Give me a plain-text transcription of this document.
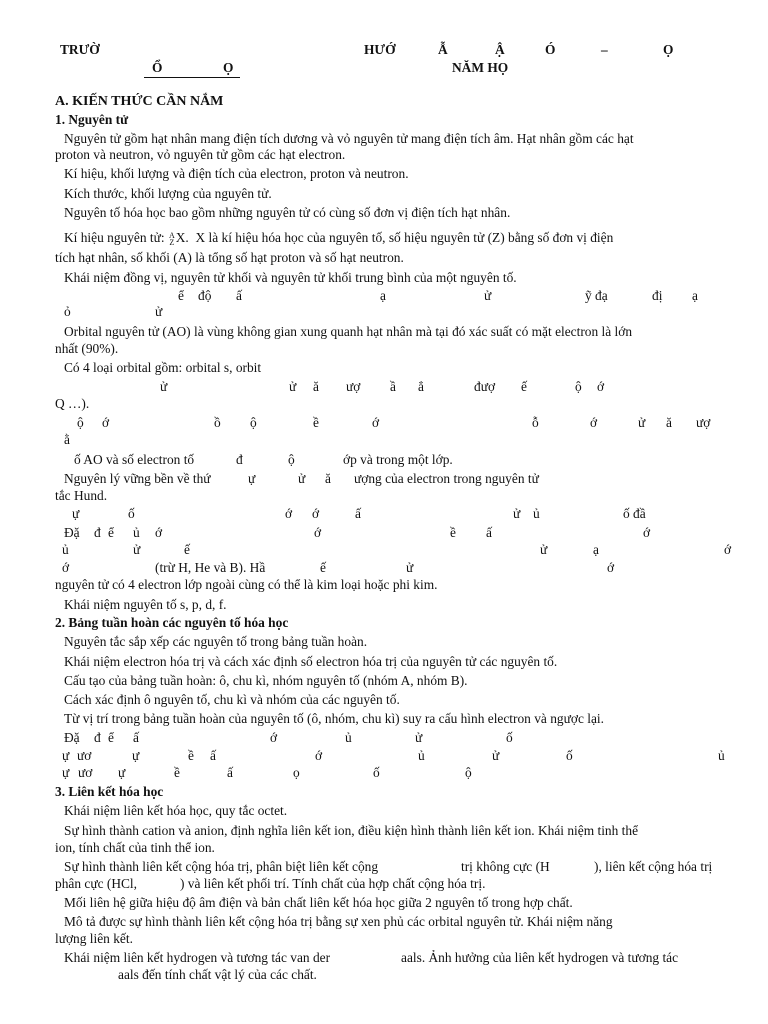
TRƯỜ	HƯỚ	Ẫ	Ậ	Ó	–	Ọ
Ổ	Ọ	NĂM HỌ
A. KIẾN THỨC CẦN NẮM
1. Nguyên tử
Nguyên tử gồm hạt nhân mang điện tích dương và vỏ nguyên tử mang điện tích âm. Hạt nhân gồm các hạt
proton và neutron, vỏ nguyên tử gồm các hạt electron.
Kí hiệu, khối lượng và điện tích của electron, proton và neutron.
Kích thước, khối lượng của nguyên tử.
Nguyên tố hóa học bao gồm những nguyên tử có cùng số đơn vị điện tích hạt nhân.
Kí hiệu nguyên tử: A
ZX.  X là kí hiệu hóa học của nguyên tố, số hiệu nguyên tử (Z) bằng số đơn vị điện
tích hạt nhân, số khối (A) là tổng số hạt proton và số hạt neutron.
Khái niệm đồng vị, nguyên tử khối và nguyên tử khối trung bình của một nguyên tố.
ể độ ấ	ạ	ử	ỹ đạ	đị ạ
ỏ	ử
Orbital nguyên tử (AO) là vùng không gian xung quanh hạt nhân mà tại đó xác suất có mặt electron là lớn
nhất (90%).
Có 4 loại orbital gồm: orbital s, orbit
ử	ử ă ượ ầ ẳ	đượ ế	ộ ớ
Q …).
ộ ớ	ồ ộ	ề	ớ	ỗ	ớ	ử ă ượ
ằ
ố AO và số electron tố	đ	ộ	ớp và trong một lớp.
Nguyên lý vững bền về thứ	ự	ử ă ượng của electron trong nguyên tử
tắc Hund.
ự	ố	ớ ớ	ấ	ử ủ	ố đầ
Đặ đ ể ủ ớ	ớ	ề ấ	ớ
ủ	ử	ế	ử	ạ	ớ
ớ	(trừ H, He và B). Hầ	ế	ử	ớ
nguyên tử có 4 electron lớp ngoài cùng có thể là kim loại hoặc phi kim.
Khái niệm nguyên tố s, p, d, f.
2. Bảng tuần hoàn các nguyên tố hóa học
Nguyên tắc sắp xếp các nguyên tố trong bảng tuần hoàn.
Khái niệm electron hóa trị và cách xác định số electron hóa trị của nguyên tử các nguyên tố.
Cấu tạo của bảng tuần hoàn: ô, chu kì, nhóm nguyên tố (nhóm A, nhóm B).
Cách xác định ô nguyên tố, chu kì và nhóm của các nguyên tố.
Từ vị trí trong bảng tuần hoàn của nguyên tố (ô, nhóm, chu kì) suy ra cấu hình electron và ngược lại.
Đặ đ ể ấ	ớ	ủ	ử	ố
ự ươ	ự	ề ấ	ớ	ủ	ử	ố	ủ
ự ươ ự	ề	ấ	ọ	ố	ộ
3. Liên kết hóa học
Khái niệm liên kết hóa học, quy tắc octet.
Sự hình thành cation và anion, định nghĩa liên kết ion, điều kiện hình thành liên kết ion. Khái niệm tinh thể
ion, tính chất của tinh thể ion.
Sự hình thành liên kết cộng hóa trị, phân biệt liên kết cộng	trị không cực (H	), liên kết cộng hóa trị
phân cực (HCl,	) và liên kết phối trí. Tính chất của hợp chất cộng hóa trị.
Mối liên hệ giữa hiệu độ âm điện và bản chất liên kết hóa học giữa 2 nguyên tố trong hợp chất.
Mô tả được sự hình thành liên kết cộng hóa trị bằng sự xen phủ các orbital nguyên tử. Khái niệm năng
lượng liên kết.
Khái niệm liên kết hydrogen và tương tác van der	aals. Ảnh hưởng của liên kết hydrogen và tương tác
aals đến tính chất vật lý của các chất.
